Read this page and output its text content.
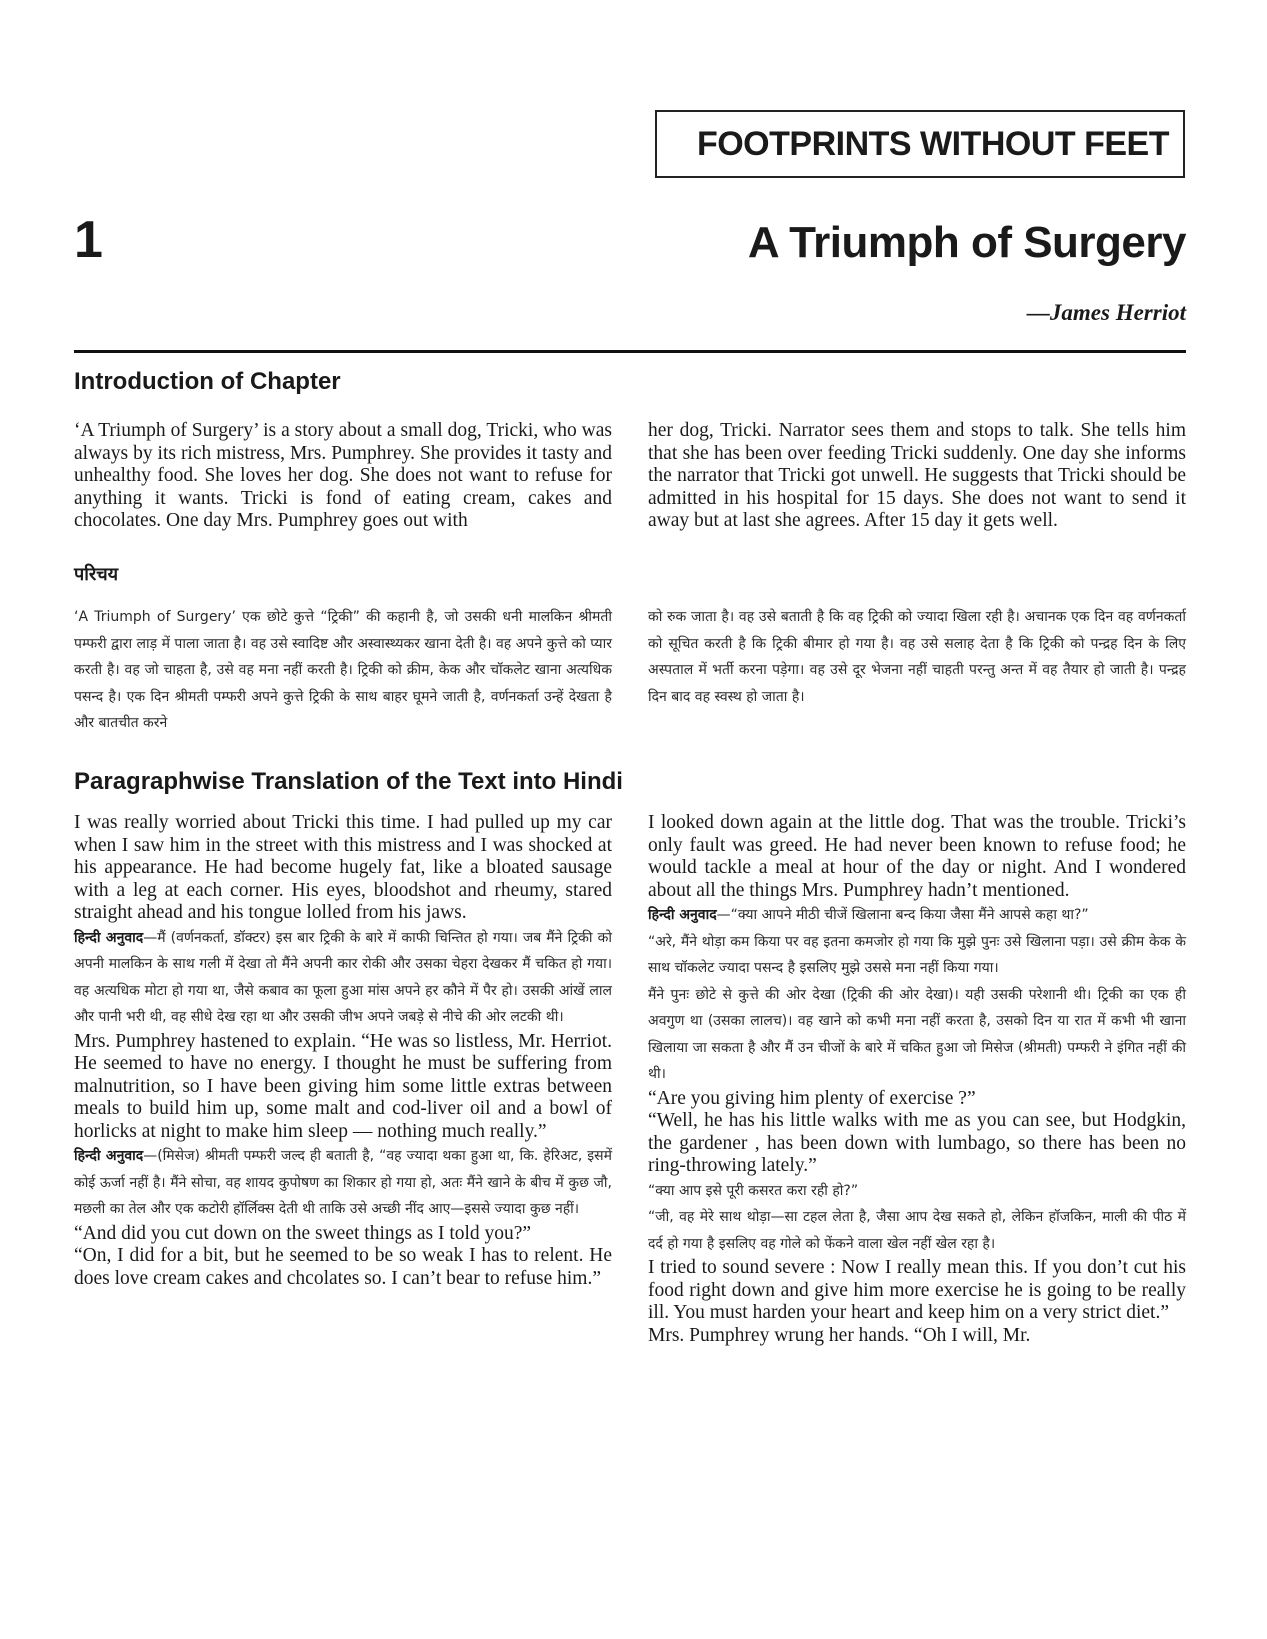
FOOTPRINTS WITHOUT FEET
1	A Triumph of Surgery
—James Herriot
Introduction of Chapter

‘A Triumph of Surgery’ is a story about a small dog, Tricki, who was always by its rich mistress, Mrs. Pumphrey. She provides it tasty and unhealthy food. She loves her dog. She does not want to refuse for anything it wants. Tricki is fond of eating cream, cakes and chocolates. One day Mrs. Pumphrey goes out with

her dog, Tricki. Narrator sees them and stops to talk. She tells him that she has been over feeding Tricki suddenly. One day she informs the narrator that Tricki got unwell. He suggests that Tricki should be admitted in his hospital for 15 days. She does not want to send it away but at last she agrees. After 15 day it gets well.

परिचय

‘A Triumph of Surgery’ एक छोटे कुत्ते “ट्रिकी” की कहानी है, जो उसकी धनी मालकिन श्रीमती पम्फरी द्वारा लाड़ में पाला जाता है। वह उसे स्वादिष्ट और अस्वास्थ्यकर खाना देती है। वह अपने कुत्ते को प्यार करती है। वह जो चाहता है, उसे वह मना नहीं करती है। ट्रिकी को क्रीम, केक और चॉकलेट खाना अत्यधिक पसन्द है। एक दिन श्रीमती पम्फरी अपने कुत्ते ट्रिकी के साथ बाहर घूमने जाती है, वर्णनकर्ता उन्हें देखता है और बातचीत करने

को रुक जाता है। वह उसे बताती है कि वह ट्रिकी को ज्यादा खिला रही है। अचानक एक दिन वह वर्णनकर्ता को सूचित करती है कि ट्रिकी बीमार हो गया है। वह उसे सलाह देता है कि ट्रिकी को पन्द्रह दिन के लिए अस्पताल में भर्ती करना पड़ेगा। वह उसे दूर भेजना नहीं चाहती परन्तु अन्त में वह तैयार हो जाती है। पन्द्रह दिन बाद वह स्वस्थ हो जाता है।

Paragraphwise Translation of the Text into Hindi

I was really worried about Tricki this time. I had pulled up my car when I saw him in the street with this mistress and I was shocked at his appearance. He had become hugely fat, like a bloated sausage with a leg at each corner. His eyes, bloodshot and rheumy, stared straight ahead and his tongue lolled from his jaws.

हिन्दी अनुवाद—मैं (वर्णनकर्ता, डॉक्टर) इस बार ट्रिकी के बारे में काफी चिन्तित हो गया। जब मैंने ट्रिकी को अपनी मालकिन के साथ गली में देखा तो मैंने अपनी कार रोकी और उसका चेहरा देखकर मैं चकित हो गया। वह अत्यधिक मोटा हो गया था, जैसे कबाव का फूला हुआ मांस अपने हर कौने में पैर हो। उसकी आंखें लाल और पानी भरी थी, वह सीधे देख रहा था और उसकी जीभ अपने जबड़े से नीचे की ओर लटकी थी।

Mrs. Pumphrey hastened to explain. “He was so listless, Mr. Herriot. He seemed to have no energy. I thought he must be suffering from malnutrition, so I have been giving him some little extras between meals to build him up, some malt and cod-liver oil and a bowl of horlicks at night to make him sleep — nothing much really.”

हिन्दी अनुवाद—(मिसेज) श्रीमती पम्फरी जल्द ही बताती है, “वह ज्यादा थका हुआ था, कि. हेरिअट, इसमें कोई ऊर्जा नहीं है। मैंने सोचा, वह शायद कुपोषण का शिकार हो गया हो, अतः मैंने खाने के बीच में कुछ जौ, मछली का तेल और एक कटोरी हॉर्लिक्स देती थी ताकि उसे अच्छी नींद आए—इससे ज्यादा कुछ नहीं।

“And did you cut down on the sweet things as I told you?”

“On, I did for a bit, but he seemed to be so weak I has to relent. He does love cream cakes and chcolates so. I can’t bear to refuse him.”

I looked down again at the little dog. That was the trouble. Tricki’s only fault was greed. He had never been known to refuse food; he would tackle a meal at hour of the day or night. And I wondered about all the things Mrs. Pumphrey hadn’t mentioned.

हिन्दी अनुवाद—“क्या आपने मीठी चीजें खिलाना बन्द किया जैसा मैंने आपसे कहा था?”

“अरे, मैंने थोड़ा कम किया पर वह इतना कमजोर हो गया कि मुझे पुनः उसे खिलाना पड़ा। उसे क्रीम केक के साथ चॉकलेट ज्यादा पसन्द है इसलिए मुझे उससे मना नहीं किया गया।

मैंने पुनः छोटे से कुत्ते की ओर देखा (ट्रिकी की ओर देखा)। यही उसकी परेशानी थी। ट्रिकी का एक ही अवगुण था (उसका लालच)। वह खाने को कभी मना नहीं करता है, उसको दिन या रात में कभी भी खाना खिलाया जा सकता है और मैं उन चीजों के बारे में चकित हुआ जो मिसेज (श्रीमती) पम्फरी ने इंगित नहीं की थी।

“Are you giving him plenty of exercise ?”

“Well, he has his little walks with me as you can see, but Hodgkin, the gardener , has been down with lumbago, so there has been no ring-throwing lately.”

“क्या आप इसे पूरी कसरत करा रही हो?”

“जी, वह मेरे साथ थोड़ा—सा टहल लेता है, जैसा आप देख सकते हो, लेकिन हॉजकिन, माली की पीठ में दर्द हो गया है इसलिए वह गोले को फेंकने वाला खेल नहीं खेल रहा है।

I tried to sound severe : Now I really mean this. If you don’t cut his food right down and give him more exercise he is going to be really ill. You must harden your heart and keep him on a very strict diet.”

Mrs. Pumphrey wrung her hands. “Oh I will, Mr.
